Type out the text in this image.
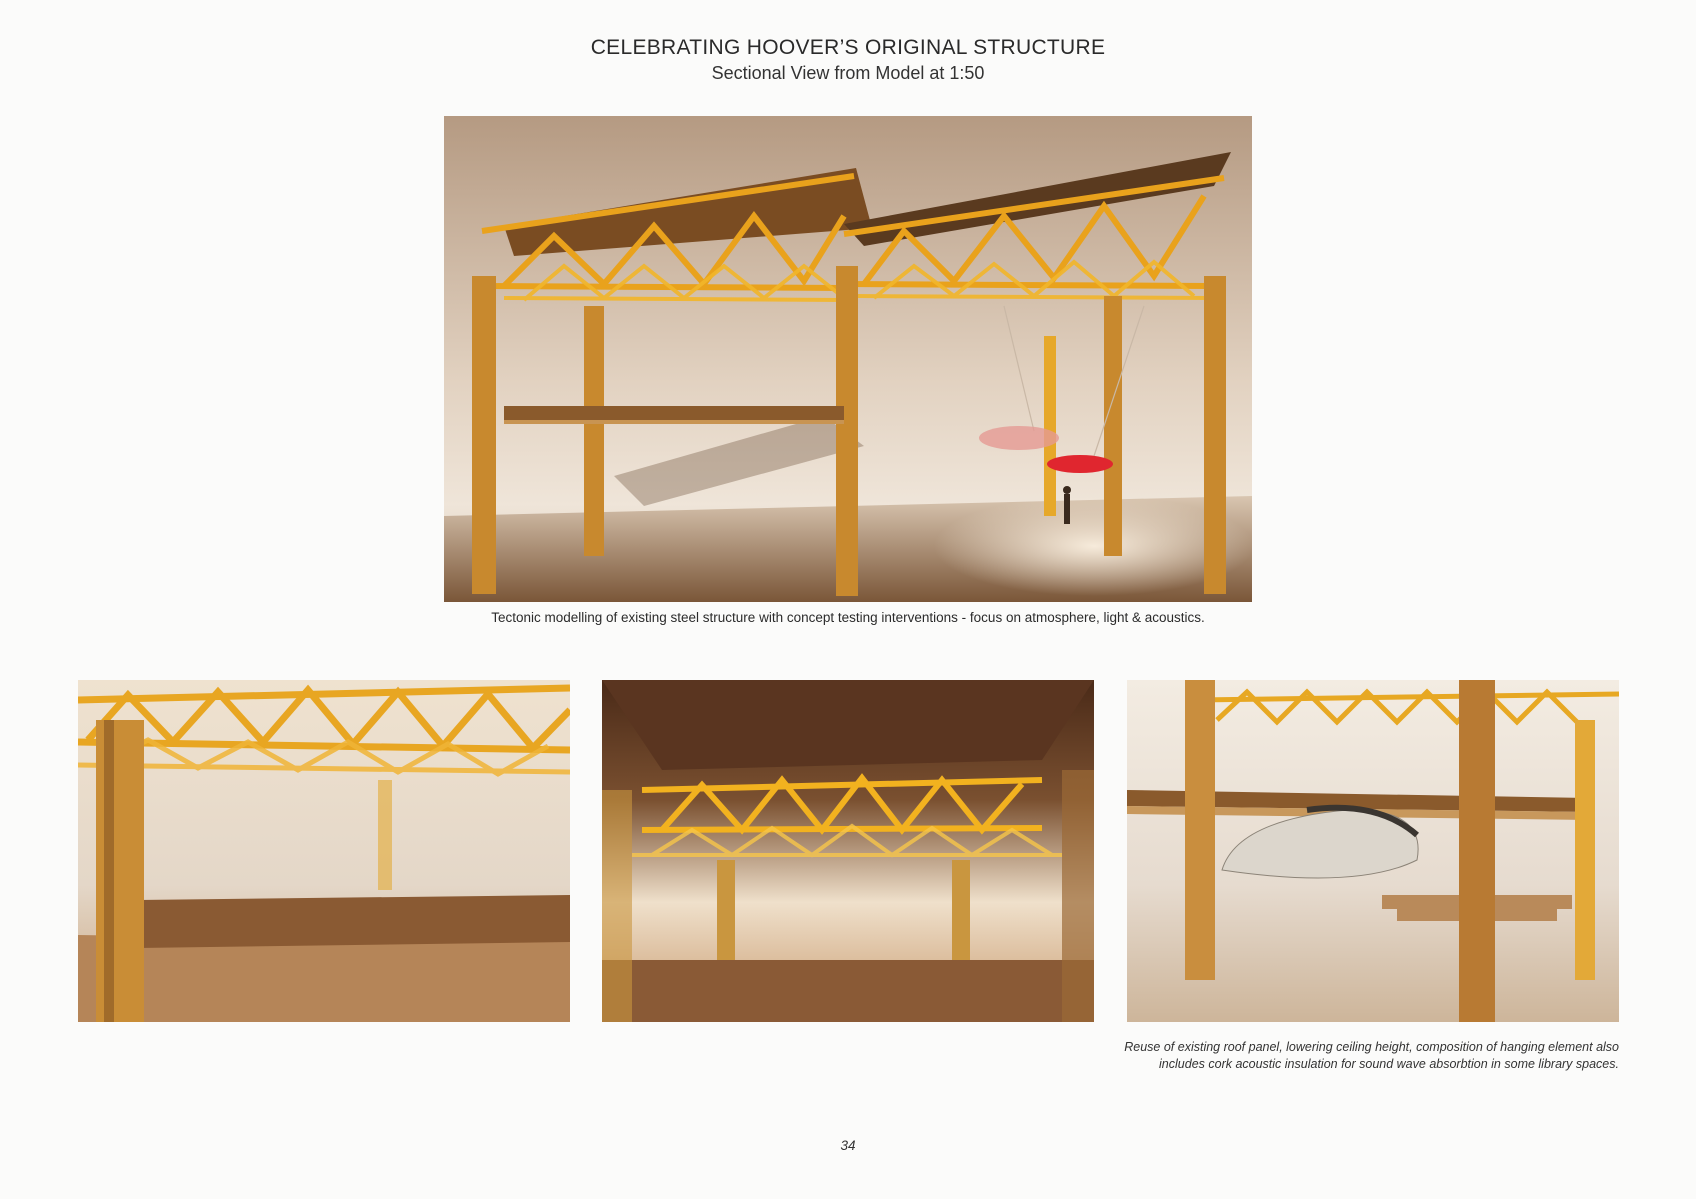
CELEBRATING HOOVER’S ORIGINAL STRUCTURE
Sectional View from Model at 1:50
Tectonic modelling of existing steel structure with concept testing interventions - focus on atmosphere, light & acoustics.
Reuse of existing roof panel, lowering ceiling height, composition of hanging element also
includes cork acoustic insulation for sound wave absorbtion in some library spaces.
34
